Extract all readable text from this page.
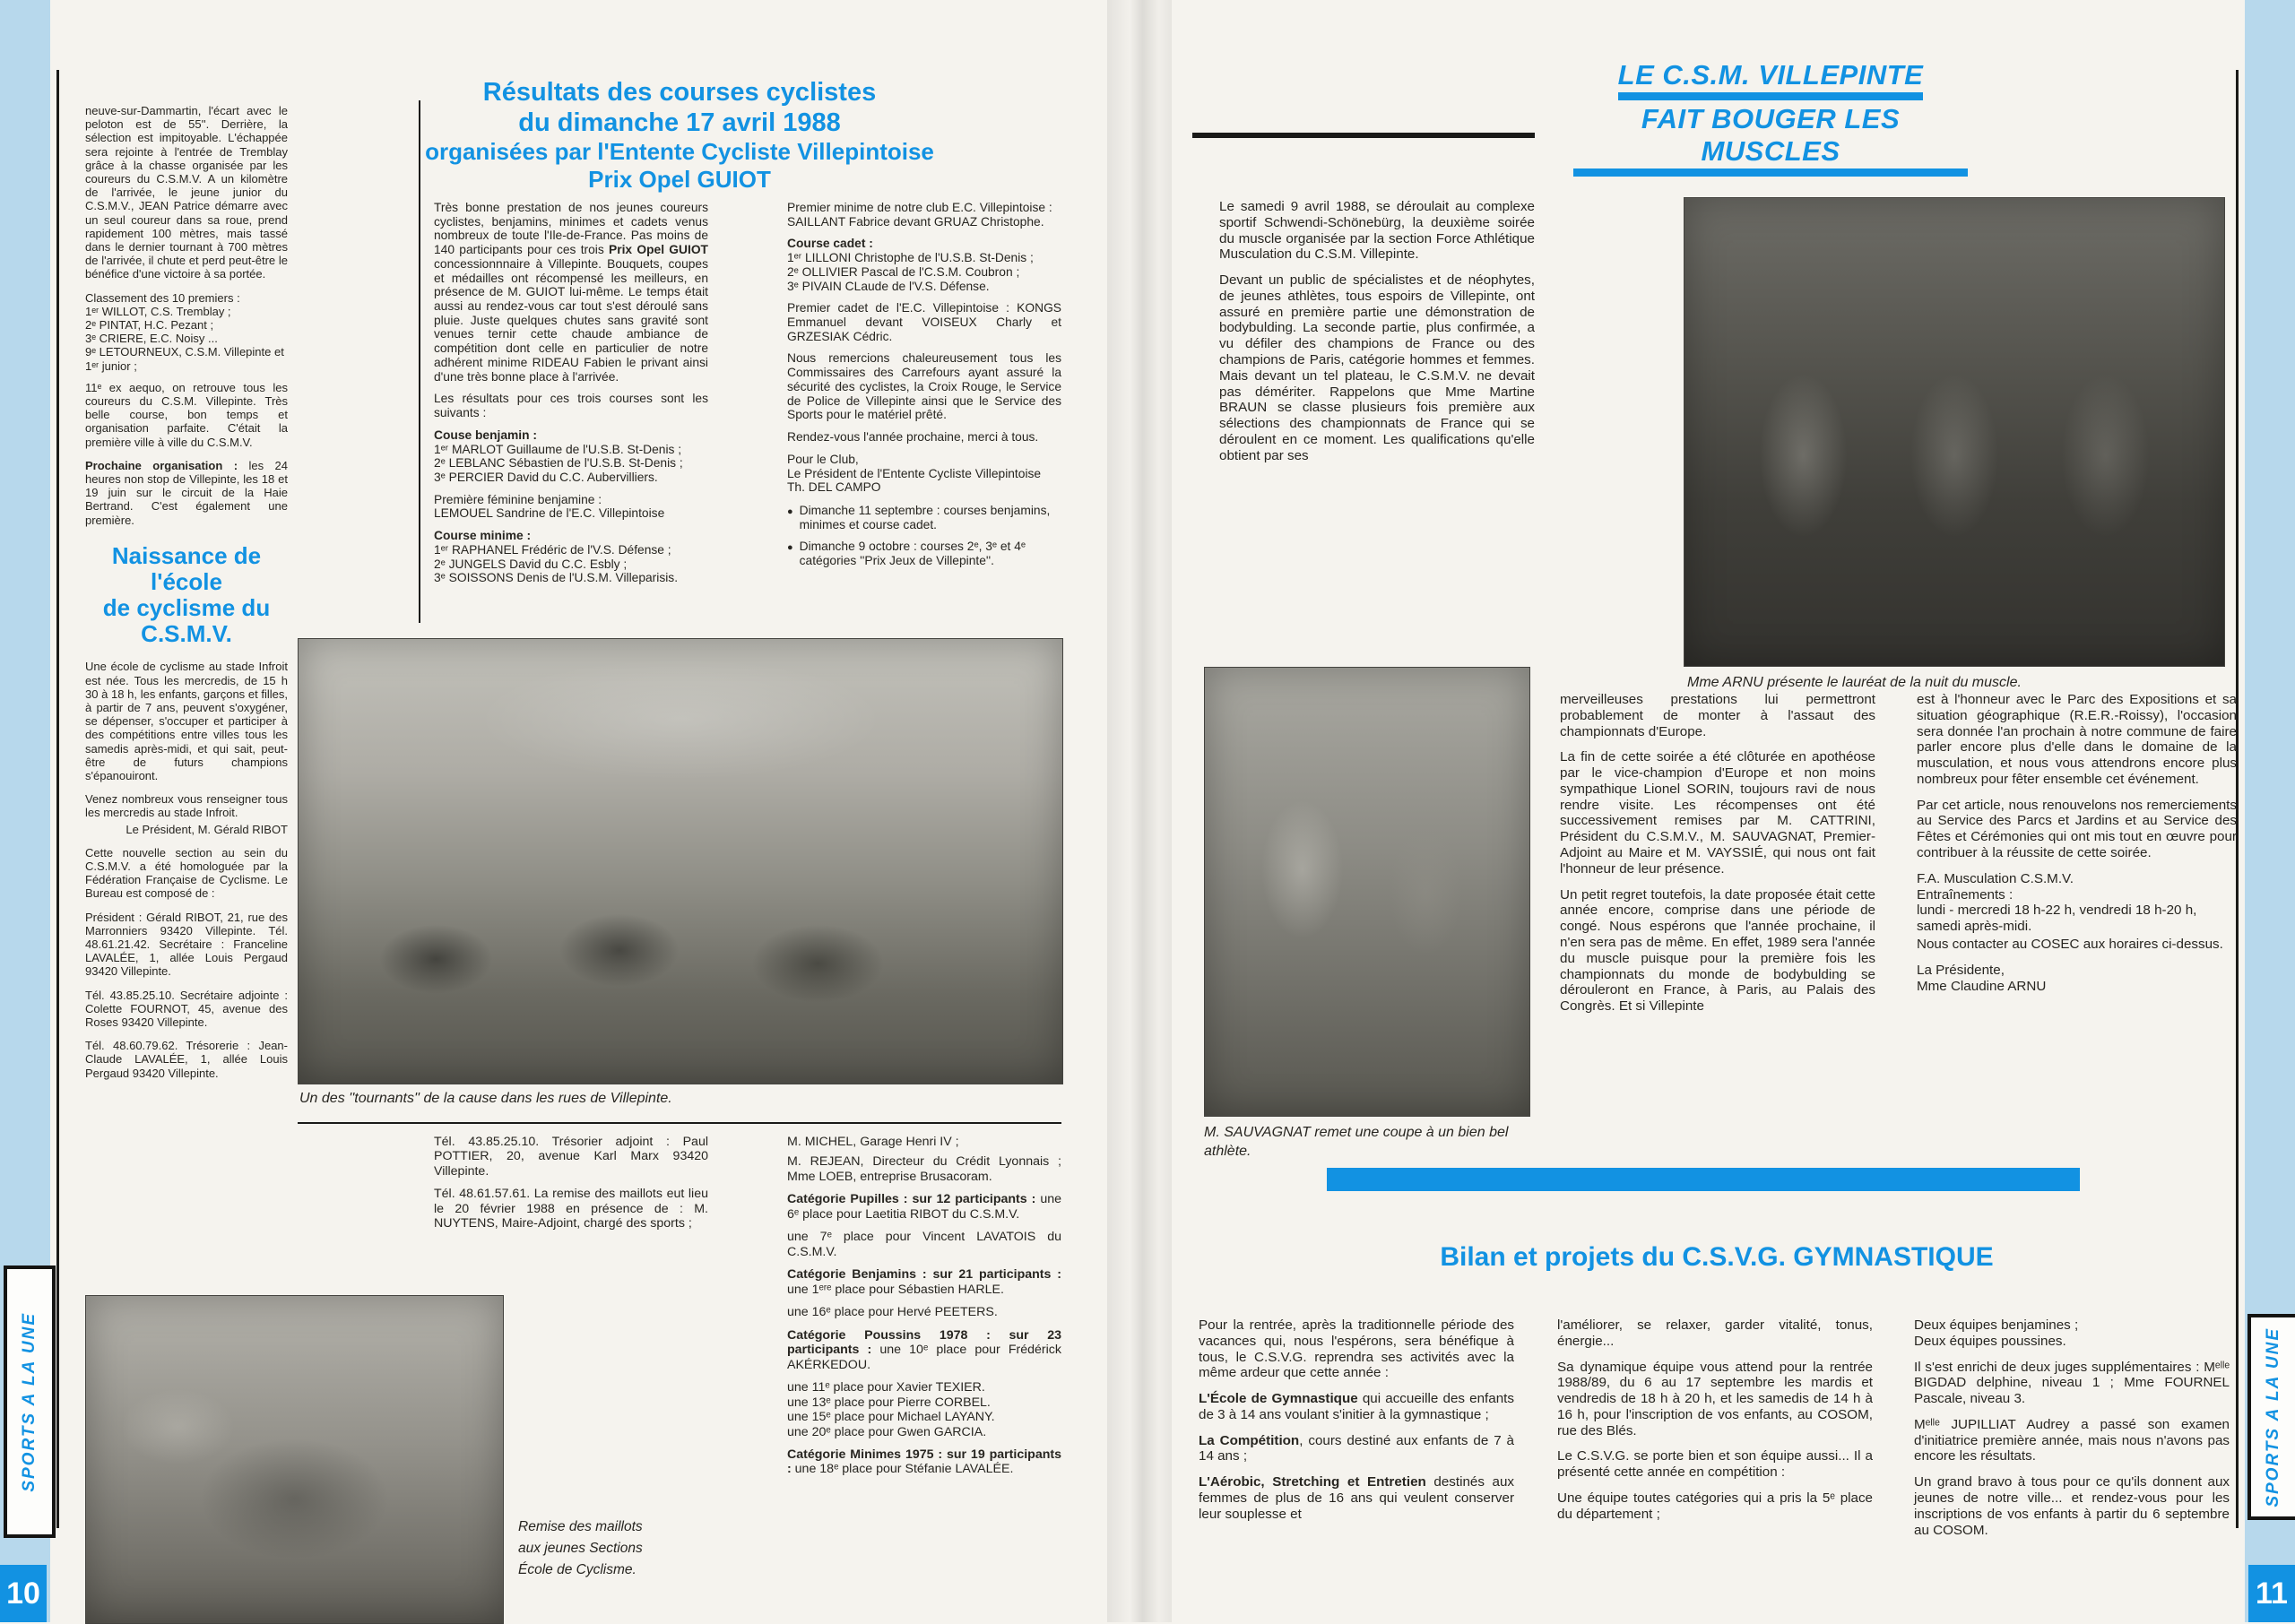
neuve-sur-Dammartin, l'écart avec le peloton est de 55''. Derrière, la sélection est impitoyable. L'échappée sera rejointe à l'entrée de Tremblay grâce à la chasse organisée par les coureurs du C.S.M.V. A un kilomètre de l'arrivée, le jeune junior du C.S.M.V., JEAN Patrice démarre avec un seul coureur dans sa roue, prend rapidement 100 mètres, mais tassé dans le dernier tournant à 700 mètres de l'arrivée, il chute et perd peut-être le bénéfice d'une victoire à sa portée.

Classement des 10 premiers :

1ᵉʳ WILLOT, C.S. Tremblay ;

2ᵉ PINTAT, H.C. Pezant ;

3ᵉ CRIERE, E.C. Noisy ...

9ᵉ LETOURNEUX, C.S.M. Villepinte et 1ᵉʳ junior ;

11ᵉ ex aequo, on retrouve tous les coureurs du C.S.M. Villepinte. Très belle course, bon temps et organisation parfaite. C'était la première ville à ville du C.S.M.V.

Prochaine organisation : les 24 heures non stop de Villepinte, les 18 et 19 juin sur le circuit de la Haie Bertrand. C'est également une première.

Naissance de l'école
de cyclisme du C.S.M.V.

Une école de cyclisme au stade Infroit est née. Tous les mercredis, de 15 h 30 à 18 h, les enfants, garçons et filles, à partir de 7 ans, peuvent s'oxygéner, se dépenser, s'occuper et participer à des compétitions entre villes tous les samedis après-midi, et qui sait, peut-être de futurs champions s'épanouiront.

Venez nombreux vous renseigner tous les mercredis au stade Infroit.

Le Président, M. Gérald RIBOT

Cette nouvelle section au sein du C.S.M.V. a été homologuée par la Fédération Française de Cyclisme. Le Bureau est composé de :

Président : Gérald RIBOT, 21, rue des Marronniers 93420 Villepinte. Tél. 48.61.21.42. Secrétaire : Franceline LAVALÉE, 1, allée Louis Pergaud 93420 Villepinte.

Tél. 43.85.25.10. Secrétaire adjointe : Colette FOURNOT, 45, avenue des Roses 93420 Villepinte.

Tél. 48.60.79.62. Trésorerie : Jean-Claude LAVALÉE, 1, allée Louis Pergaud 93420 Villepinte.

Résultats des courses cyclistes
du dimanche 17 avril 1988
organisées par l'Entente Cycliste Villepintoise
Prix Opel GUIOT

Très bonne prestation de nos jeunes coureurs cyclistes, benjamins, minimes et cadets venus nombreux de toute l'Ile-de-France. Pas moins de 140 participants pour ces trois Prix Opel GUIOT concessionnnaire à Villepinte. Bouquets, coupes et médailles ont récompensé les meilleurs, en présence de M. GUIOT lui-même. Le temps était aussi au rendez-vous car tout s'est déroulé sans pluie. Juste quelques chutes sans gravité sont venues ternir cette chaude ambiance de compétition dont celle en particulier de notre adhérent minime RIDEAU Fabien le privant ainsi d'une très bonne place à l'arrivée.

Les résultats pour ces trois courses sont les suivants :

Couse benjamin :

1ᵉʳ MARLOT Guillaume de l'U.S.B. St-Denis ;

2ᵉ LEBLANC Sébastien de l'U.S.B. St-Denis ;

3ᵉ PERCIER David du C.C. Aubervilliers.

Première féminine benjamine :

LEMOUEL Sandrine de l'E.C. Villepintoise

Course minime :

1ᵉʳ RAPHANEL Frédéric de l'V.S. Défense ;

2ᵉ JUNGELS David du C.C. Esbly ;

3ᵉ SOISSONS Denis de l'U.S.M. Villeparisis.

Premier minime de notre club E.C. Villepintoise :

SAILLANT Fabrice devant GRUAZ Christophe.

Course cadet :

1ᵉʳ LILLONI Christophe de l'U.S.B. St-Denis ;

2ᵉ OLLIVIER Pascal de l'C.S.M. Coubron ;

3ᵉ PIVAIN CLaude de l'V.S. Défense.

Premier cadet de l'E.C. Villepintoise : KONGS Emmanuel devant VOISEUX Charly et GRZESIAK Cédric.

Nous remercions chaleureusement tous les Commissaires des Carrefours ayant assuré la sécurité des cyclistes, la Croix Rouge, le Service de Police de Villepinte ainsi que le Service des Sports pour le matériel prêté.

Rendez-vous l'année prochaine, merci à tous.

Pour le Club,

Le Président de l'Entente Cycliste Villepintoise

Th. DEL CAMPO

● Dimanche 11 septembre : courses benjamins, minimes et course cadet.

● Dimanche 9 octobre : courses 2ᵉ, 3ᵉ et 4ᵉ catégories ''Prix Jeux de Villepinte''.

Un des ''tournants'' de la cause dans les rues de Villepinte.

Tél. 43.85.25.10. Trésorier adjoint : Paul POTTIER, 20, avenue Karl Marx 93420 Villepinte.

Tél. 48.61.57.61. La remise des maillots eut lieu le 20 février 1988 en présence de : M. NUYTENS, Maire-Adjoint, chargé des sports ;

M. MICHEL, Garage Henri IV ;

M. REJEAN, Directeur du Crédit Lyonnais ; Mme LOEB, entreprise Brusacoram.

Catégorie Pupilles : sur 12 participants : une 6ᵉ place pour Laetitia RIBOT du C.S.M.V.

une 7ᵉ place pour Vincent LAVATOIS du C.S.M.V.

Catégorie Benjamins : sur 21 participants : une 1ᵉʳᵉ place pour Sébastien HARLE.

une 16ᵉ place pour Hervé PEETERS.

Catégorie Poussins 1978 : sur 23 participants : une 10ᵉ place pour Frédérick AKÉRKEDOU.

une 11ᵉ place pour Xavier TEXIER.

une 13ᵉ place pour Pierre CORBEL.

une 15ᵉ place pour Michael LAYANY.

une 20ᵉ place pour Gwen GARCIA.

Catégorie Minimes 1975 : sur 19 participants : une 18ᵉ place pour Stéfanie LAVALÉE.

Remise des maillots
aux jeunes Sections
École de Cyclisme.
LE C.S.M. VILLEPINTE
FAIT BOUGER LES MUSCLES

Le samedi 9 avril 1988, se déroulait au complexe sportif Schwendi-Schönebürg, la deuxième soirée du muscle organisée par la section Force Athlétique Musculation du C.S.M. Villepinte.

Devant un public de spécialistes et de néophytes, de jeunes athlètes, tous espoirs de Villepinte, ont assuré en première partie une démonstration de bodybulding. La seconde partie, plus confirmée, a vu défiler des champions de France ou des champions de Paris, catégorie hommes et femmes. Mais devant un tel plateau, le C.S.M.V. ne devait pas démériter. Rappelons que Mme Martine BRAUN se classe plusieurs fois première aux sélections des championnats de France qui se déroulent en ce moment. Les qualifications qu'elle obtient par ses

Mme ARNU présente le lauréat de la nuit du muscle.
M. SAUVAGNAT remet une coupe à un bien bel athlète.

merveilleuses prestations lui permettront probablement de monter à l'assaut des championnats d'Europe.

La fin de cette soirée a été clôturée en apothéose par le vice-champion d'Europe et non moins sympathique Lionel SORIN, toujours ravi de nous rendre visite. Les récompenses ont été successivement remises par M. CATTRINI, Président du C.S.M.V., M. SAUVAGNAT, Premier-Adjoint au Maire et M. VAYSSIÉ, qui nous ont fait l'honneur de leur présence.

Un petit regret toutefois, la date proposée était cette année encore, comprise dans une période de congé. Nous espérons que l'année prochaine, il n'en sera pas de même. En effet, 1989 sera l'année du muscle puisque pour la première fois les championnats du monde de bodybulding se dérouleront en France, à Paris, au Palais des Congrès. Et si Villepinte

est à l'honneur avec le Parc des Expositions et sa situation géographique (R.E.R.-Roissy), l'occasion sera donnée l'an prochain à notre commune de faire parler encore plus d'elle dans le domaine de la musculation, et nous vous attendrons encore plus nombreux pour fêter ensemble cet événement.

Par cet article, nous renouvelons nos remerciements au Service des Parcs et Jardins et au Service des Fêtes et Cérémonies qui ont mis tout en œuvre pour contribuer à la réussite de cette soirée.

F.A. Musculation C.S.M.V.

Entraînements :

lundi - mercredi 18 h-22 h, vendredi 18 h-20 h, samedi après-midi.

Nous contacter au COSEC aux horaires ci-dessus.

La Présidente,

Mme Claudine ARNU

Bilan et projets du C.S.V.G. GYMNASTIQUE

Pour la rentrée, après la traditionnelle période des vacances qui, nous l'espérons, sera bénéfique à tous, le C.S.V.G. reprendra ses activités avec la même ardeur que cette année :

L'École de Gymnastique qui accueille des enfants de 3 à 14 ans voulant s'initier à la gymnastique ;

La Compétition, cours destiné aux enfants de 7 à 14 ans ;

L'Aérobic, Stretching et Entretien destinés aux femmes de plus de 16 ans qui veulent conserver leur souplesse et

l'améliorer, se relaxer, garder vitalité, tonus, énergie...

Sa dynamique équipe vous attend pour la rentrée 1988/89, du 6 au 17 septembre les mardis et vendredis de 18 h à 20 h, et les samedis de 14 h à 16 h, pour l'inscription de vos enfants, au COSOM, rue des Blés.

Le C.S.V.G. se porte bien et son équipe aussi... Il a présenté cette année en compétition :

Une équipe toutes catégories qui a pris la 5ᵉ place du département ;

Deux équipes benjamines ;

Deux équipes poussines.

Il s'est enrichi de deux juges supplémentaires : Mᵉˡˡᵉ BIGDAD delphine, niveau 1 ; Mme FOURNEL Pascale, niveau 3.

Mᵉˡˡᵉ JUPILLIAT Audrey a passé son examen d'initiatrice première année, mais nous n'avons pas encore les résultats.

Un grand bravo à tous pour ce qu'ils donnent aux jeunes de notre ville... et rendez-vous pour les inscriptions de vos enfants à partir du 6 septembre au COSOM.

SPORTS A LA UNE
10
SPORTS A LA UNE
11
